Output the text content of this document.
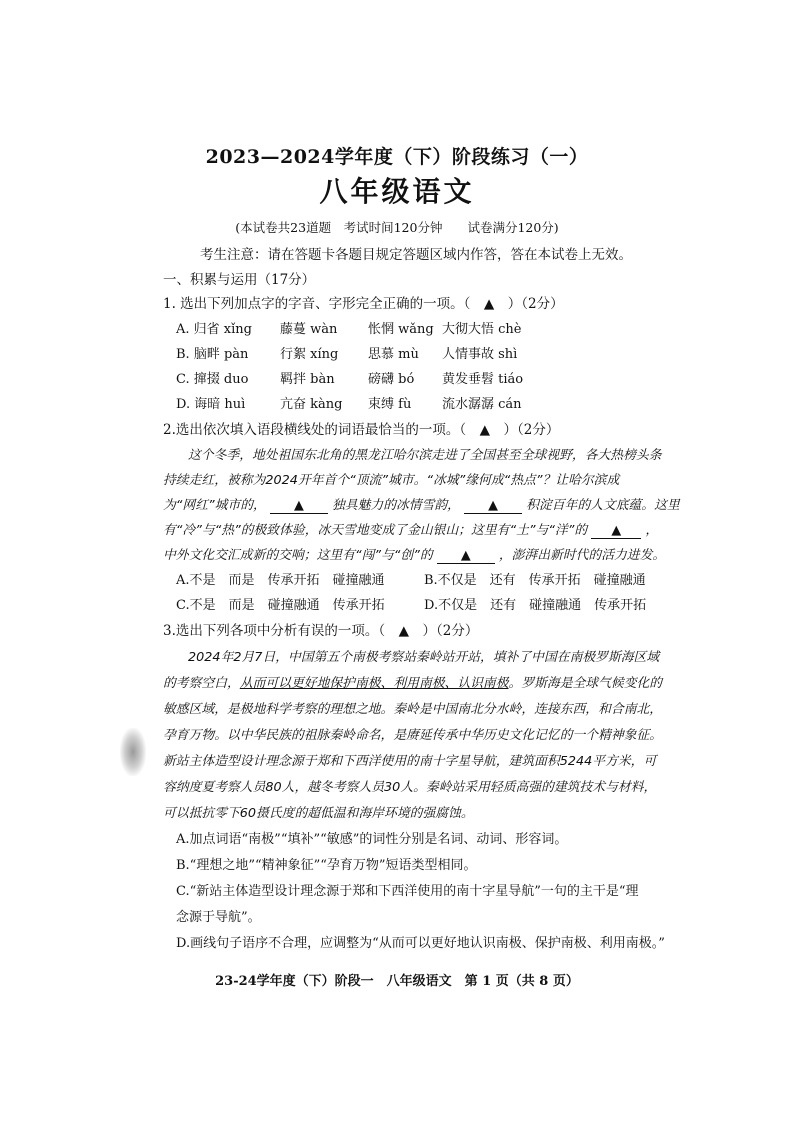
2023—2024学年度（下）阶段练习（一）
八年级语文
(本试卷共23道题　考试时间120分钟　　试卷满分120分)
考生注意：请在答题卡各题目规定答题区域内作答，答在本试卷上无效。
一、积累与运用（17分）
1. 选出下列加点字的字音、字形完全正确的一项。（　▲　）（2分）
A. 归省 xǐng 藤蔓 wàn 怅惘 wǎng 大彻大悟 chè
B. 脑畔 pàn 行絮 xíng 思慕 mù 人情事故 shì
C. 撺掇 duo 羁拌 bàn	磅礴 bó 黄发垂髫 tiáo
D. 诲暗 huì	亢奋 kàng 束缚 fù 流水潺潺 cán
2.选出依次填入语段横线处的词语最恰当的一项。（　▲　）（2分）
这个冬季，地处祖国东北角的黑龙江哈尔滨走进了全国甚至全球视野，各大热榜头条
持续走红，被称为2024开年首个“顶流”城市。“冰城”缘何成“热点”？让哈尔滨成
为“网红”城市的， ▲ 独具魅力的冰情雪韵， ▲ 积淀百年的人文底蕴。这里
有“冷”与“热”的极致体验，冰天雪地变成了金山银山；这里有“土”与“洋”的 ▲ ，
中外文化交汇成新的交响；这里有“闯”与“创”的 ▲ ，澎湃出新时代的活力进发。
A.不是　而是　传承开拓　碰撞融通	B.不仅是　还有　传承开拓　碰撞融通
C.不是　而是　碰撞融通　传承开拓	D.不仅是　还有　碰撞融通　传承开拓
3.选出下列各项中分析有误的一项。（　▲　）（2分）
2024年2月7日，中国第五个南极考察站秦岭站开站，填补了中国在南极罗斯海区域
的考察空白，从而可以更好地保护南极、利用南极、认识南极。罗斯海是全球气候变化的
敏感区域，是极地科学考察的理想之地。秦岭是中国南北分水岭，连接东西，和合南北，
孕育万物。以中华民族的祖脉秦岭命名，是赓延传承中华历史文化记忆的一个精神象征。
新站主体造型设计理念源于郑和下西洋使用的南十字星导航，建筑面积5244平方米，可
容纳度夏考察人员80人，越冬考察人员30人。秦岭站采用轻质高强的建筑技术与材料，
可以抵抗零下60摄氏度的超低温和海岸环境的强腐蚀。
A.加点词语“南极”“填补”“敏感”的词性分别是名词、动词、形容词。
B.“理想之地”“精神象征”“孕育万物”短语类型相同。
C.“新站主体造型设计理念源于郑和下西洋使用的南十字星导航”一句的主干是“理
念源于导航”。
D.画线句子语序不合理，应调整为“从而可以更好地认识南极、保护南极、利用南极。”
23-24学年度（下）阶段一　八年级语文　第 1 页（共 8 页）
